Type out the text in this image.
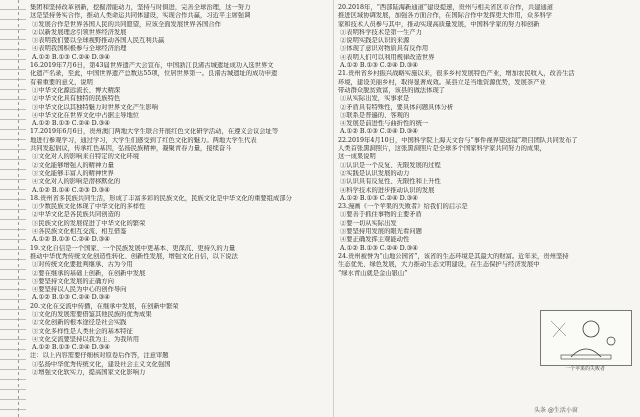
集团和坚持改革创新，挖掘潜能动力，坚持与时俱进，完善全球治理，这一努力

这是坚持务实合作，推动人类命运共同体建设，实现合作共赢，习近平主席强调

①发展合作是世界各国人民的共同愿望，应该全面发展世界各国合作

②以新发展理念引领世界经济发展

③表明我们要以全球视野推动各国人民互利共赢

④表明我国积极参与全球经济治理

A.①② B.①③ C.②④ D.③④

16.2019年7月6日，第43届世界遗产大会宣布，中国浙江良渚古城遗址成功入选世界文

化遗产名录，至此，中国世界遗产总数达55项，位居世界第一。良渚古城遗址的成功申遗

有着重要的意义，说明

①中华文化源远流长、博大精深

②中华文化具有独特的民族特色

③中华文化以其独特魅力对世界文化产生影响

④中华文化在世界文化中占据主导地位

A.①② B.①③ C.②④ D.③④

17.2019年6月6日，贵州澳门两地大学生联合开展红色文化研学活动，在遵义会议会址等

地进行参观学习，通过学习，大学生们感受到了红色文化的魅力。两地大学生代表

共同发起倡议，传承红色基因，弘扬民族精神，凝聚青春力量，接续奋斗

①文化对人的影响来自特定的文化环境

②文化能够增强人的精神力量

③文化能够丰富人的精神世界

④文化对人的影响是潜移默化的

A.①② B.①④ C.②③ D.③④

18.贵州省多民族共同生活，形成了丰富多彩的民族文化，民族文化是中华文化的重要组成部分

①少数民族文化体现了中华文化的多样性

②中华文化是各民族共同创造的

③民族文化的发展促进了中华文化的繁荣

④各民族文化相互交流、相互借鉴

A.①② B.①③ C.②④ D.③④

19.文化自信是一个国家、一个民族发展中更基本、更深沉、更持久的力量

推动中华优秀传统文化创造性转化、创新性发展，增强文化自信，以下说法

①对传统文化要批判继承、古为今用

②要在继承的基础上创新，在创新中发展

③要坚持文化发展的正确方向

④要坚持以人民为中心的创作导向

A.①② B.①③ C.②④ D.③④

20.文化在交流中传播，在继承中发展，在创新中繁荣

①文化的发展需要借鉴其他民族的优秀成果

②文化创新的根本途径是社会实践

③文化多样性是人类社会的基本特征

④文化交流要坚持以我为主、为我所用

A.①② B.①③ C.②④ D.③④

注：以上内容需要仔细核对原卷后作答，注意审题

①弘扬中华优秀传统文化，建设社会主义文化强国

②增强文化软实力，提高国家文化影响力

20.2018年，“西部陆海新通道”建设提速，贵州与相关省区市合作，共建通道

推进区域协调发展，加强各方面合作，在国际合作中发挥更大作用，众多科学

家和技术人员参与其中，推动实现高质量发展，中国科学家的努力和创新

①表明科学技术是第一生产力

②说明实践是认识的来源

③体现了意识对物质具有反作用

④表明人们可以利用规律改造世界

A.①② B.①③ C.②④ D.③④

21.贵州省乡村振兴战略实施以来，很多乡村发展特色产业，增加农民收入，改善生活

环境，建设美丽乡村，取得显著成效。某县立足当地资源优势，发展茶产业

带动群众脱贫致富，该县的做法体现了

①从实际出发，实事求是

②矛盾具有特殊性，要具体问题具体分析

③联系是普遍的、客观的

④发展是前进性与曲折性的统一

A.①② B.①③ C.②④ D.③④

22.2019年4月10日，中国科学院上海天文台与“事件视界望远镜”项目团队共同发布了

人类首张黑洞照片，这张黑洞照片是全球多个国家科学家共同努力的成果，

这一成果说明

①认识是一个反复、无限发展的过程

②实践是认识发展的动力

③认识具有反复性、无限性和上升性

④科学技术的进步推动认识的发展

A.①② B.①③ C.②④ D.③④

23.漫画《一个苹果的失败者》给我们的启示是

①要善于抓住事物的主要矛盾

②要一切从实际出发

③要坚持用发展的眼光看问题

④要正确发挥主观能动性

A.①② B.①③ C.②④ D.③④

24.贵州被誉为“山地公园省”，该省的生态环境是其最大的财富。近年来，贵州坚持

生态优先、绿色发展，大力推动生态文明建设，在生态保护与经济发展中

“绿水青山就是金山银山”

一个苹果的失败者
头条 @生活小窗
